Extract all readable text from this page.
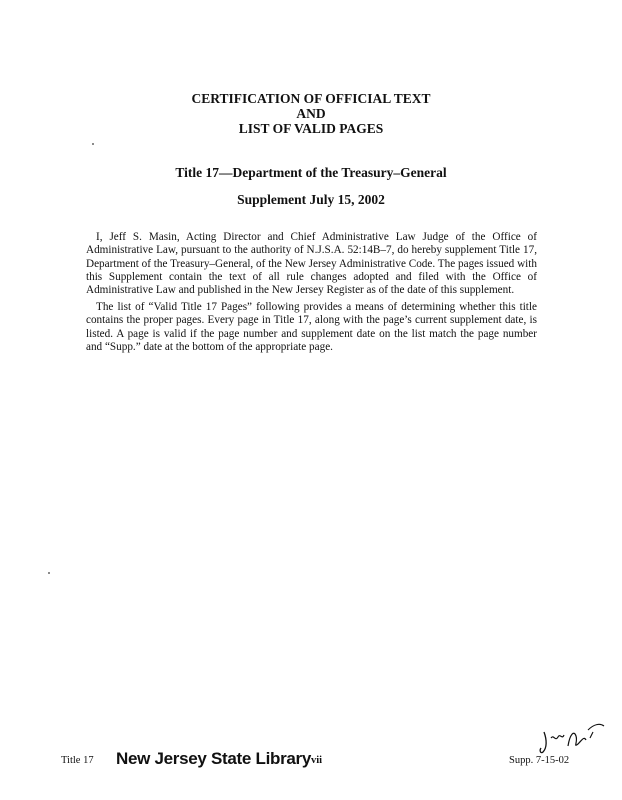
CERTIFICATION OF OFFICIAL TEXT
AND
LIST OF VALID PAGES
Title 17—Department of the Treasury–General
Supplement July 15, 2002

I, Jeff S. Masin, Acting Director and Chief Administrative Law Judge of the Office of Administrative Law, pursuant to the authority of N.J.S.A. 52:14B–7, do hereby supplement Title 17, Department of the Treasury–General, of the New Jersey Administrative Code. The pages issued with this Supplement contain the text of all rule changes adopted and filed with the Office of Administrative Law and published in the New Jersey Register as of the date of this supplement.

The list of “Valid Title 17 Pages” following provides a means of determining whether this title contains the proper pages. Every page in Title 17, along with the page’s current supplement date, is listed. A page is valid if the page number and supplement date on the list match the page number and “Supp.” date at the bottom of the appropriate page.

Title 17 New Jersey State Library vii	Supp. 7-15-02
